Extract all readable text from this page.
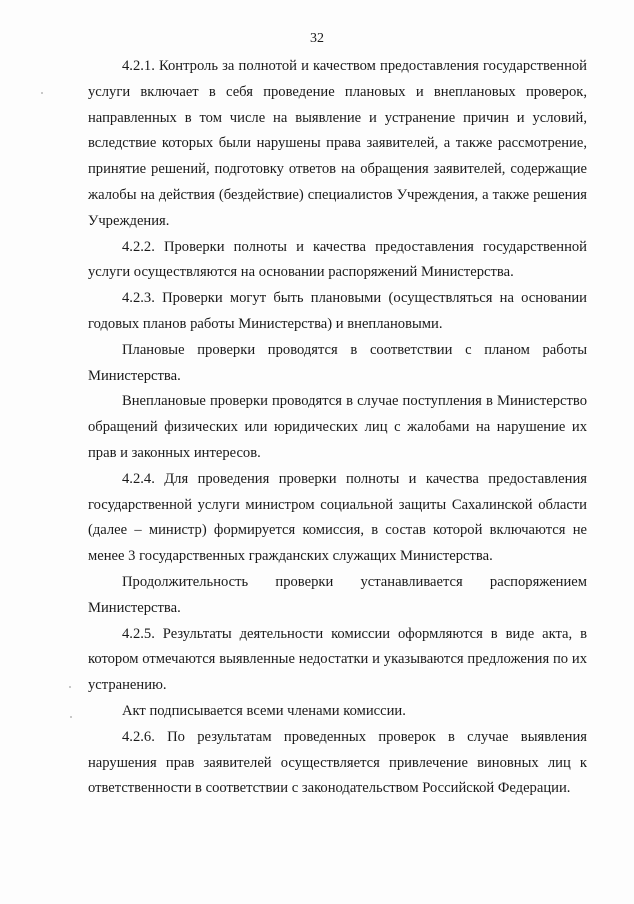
32

4.2.1. Контроль за полнотой и качеством предоставления государственной услуги включает в себя проведение плановых и внеплановых проверок, направленных в том числе на выявление и устранение причин и условий, вследствие которых были нарушены права заявителей, а также рассмотрение, принятие решений, подготовку ответов на обращения заявителей, содержащие жалобы на действия (бездействие) специалистов Учреждения, а также решения Учреждения.

4.2.2. Проверки полноты и качества предоставления государственной услуги осуществляются на основании распоряжений Министерства.

4.2.3. Проверки могут быть плановыми (осуществляться на основании годовых планов работы Министерства) и внеплановыми.

Плановые проверки проводятся в соответствии с планом работы Министерства.

Внеплановые проверки проводятся в случае поступления в Министерство обращений физических или юридических лиц с жалобами на нарушение их прав и законных интересов.

4.2.4. Для проведения проверки полноты и качества предоставления государственной услуги министром социальной защиты Сахалинской области (далее – министр) формируется комиссия, в состав которой включаются не менее 3 государственных гражданских служащих Министерства.

Продолжительность проверки устанавливается распоряжением Министерства.

4.2.5. Результаты деятельности комиссии оформляются в виде акта, в котором отмечаются выявленные недостатки и указываются предложения по их устранению.

Акт подписывается всеми членами комиссии.

4.2.6. По результатам проведенных проверок в случае выявления нарушения прав заявителей осуществляется привлечение виновных лиц к ответственности в соответствии с законодательством Российской Федерации.
